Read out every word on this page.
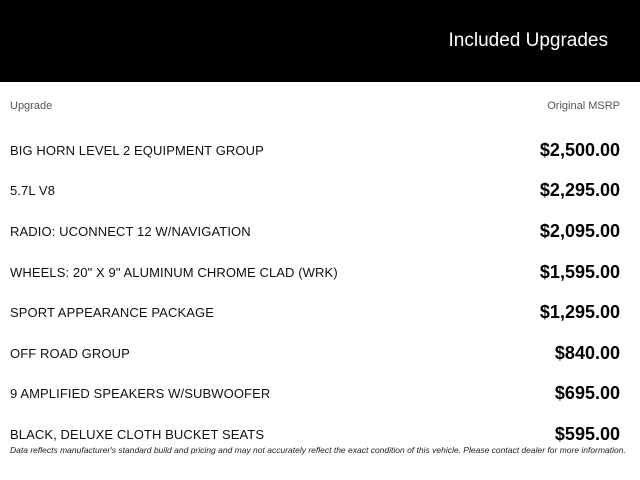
Included Upgrades
Upgrade	Original MSRP
BIG HORN LEVEL 2 EQUIPMENT GROUP	$2,500.00
5.7L V8	$2,295.00
RADIO: UCONNECT 12 W/NAVIGATION	$2,095.00
WHEELS: 20" X 9" ALUMINUM CHROME CLAD (WRK)	$1,595.00
SPORT APPEARANCE PACKAGE	$1,295.00
OFF ROAD GROUP	$840.00
9 AMPLIFIED SPEAKERS W/SUBWOOFER	$695.00
BLACK, DELUXE CLOTH BUCKET SEATS	$595.00
Data reflects manufacturer's standard build and pricing and may not accurately reflect the exact condition of this vehicle. Please contact dealer for more information.
